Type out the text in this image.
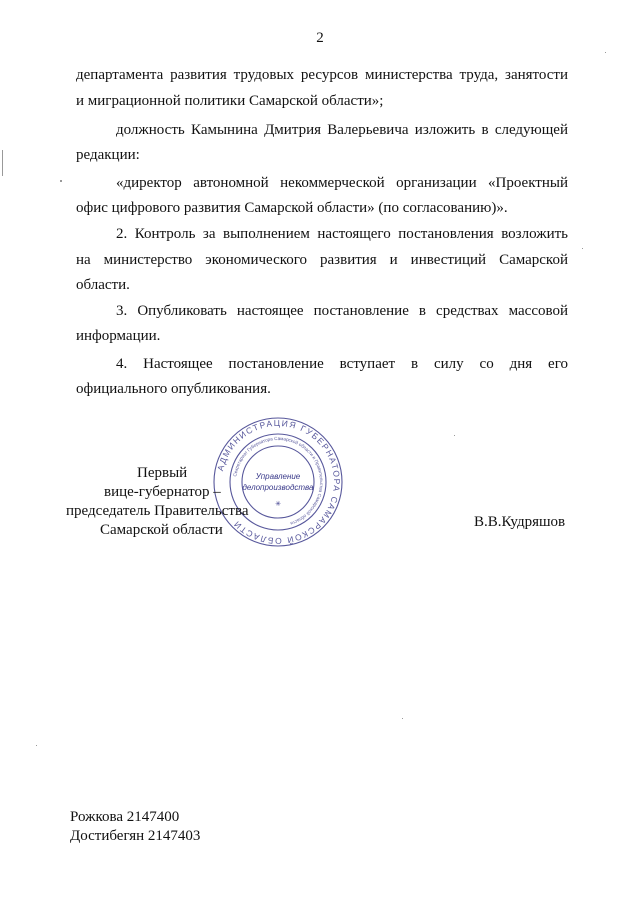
2

департамента развития трудовых ресурсов министерства труда, занятости

и миграционной политики Самарской области»;

должность Камынина Дмитрия Валерьевича изложить в следующей

редакции:

«директор автономной некоммерческой организации «Проектный

офис цифрового развития Самарской области» (по согласованию)».

2. Контроль за выполнением настоящего постановления возложить

на министерство экономического развития и инвестиций Самарской

области.

3. Опубликовать настоящее постановление в средствах массовой

информации.

4. Настоящее постановление вступает в силу со дня его

официального опубликования.

АДМИНИСТРАЦИЯ ГУБЕРНАТОРА САМАРСКОЙ ОБЛАСТИ
Секретариат Губернатора Самарской области и Правительства Самарской области
Управление
делопроизводства
✳
Первый
вице-губернатор –
председатель Правительства
Самарской области	В.В.Кудряшов
Рожкова 2147400
Достибегян 2147403
